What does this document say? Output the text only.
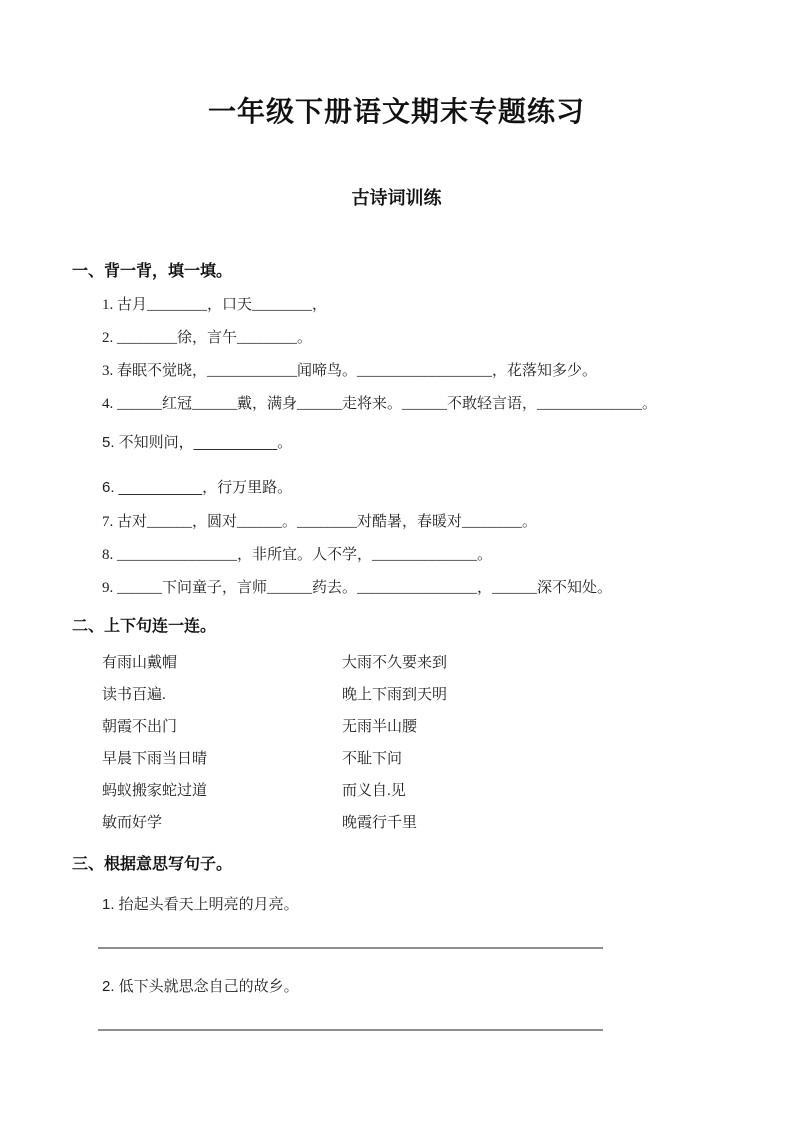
一年级下册语文期末专题练习
古诗词训练
一、背一背，填一填。

1. 古月________，口天________，

2. ________徐，言午________。

3. 春眠不觉晓，____________闻啼鸟。__________________，花落知多少。

4. ______红冠______戴，满身______走将来。______不敢轻言语，______________。

5. 不知则问，__________。

6. __________，行万里路。

7. 古对______，圆对______。________对酷暑，春暖对________。

8. ________________，非所宜。人不学，______________。

9. ______下问童子，言师______药去。________________，______深不知处。

二、上下句连一连。
有雨山戴帽
读书百遍.
朝霞不出门
早晨下雨当日晴
蚂蚁搬家蛇过道
敏而好学
大雨不久要来到
晚上下雨到天明
无雨半山腰
不耻下问
而义自.见
晚霞行千里
三、根据意思写句子。

1. 抬起头看天上明亮的月亮。

2. 低下头就思念自己的故乡。
